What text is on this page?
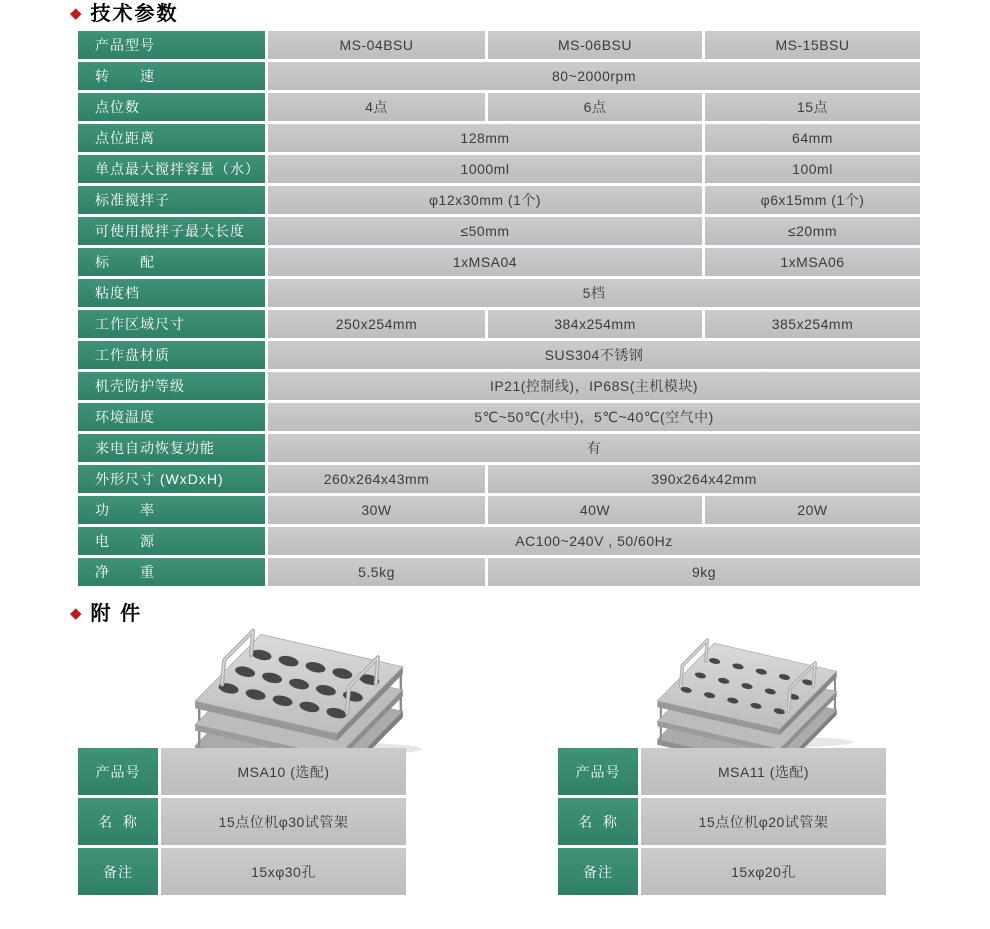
◆ 技术参数
产品型号	MS-04BSU	MS-06BSU	MS-15BSU
转　　速	80~2000rpm
点位数	4点	6点	15点
点位距离	128mm	64mm
单点最大搅拌容量（水）	1000ml	100ml
标准搅拌子	φ12x30mm (1个)	φ6x15mm (1个)
可使用搅拌子最大长度	≤50mm	≤20mm
标　　配	1xMSA04	1xMSA06
粘度档	5档
工作区域尺寸	250x254mm	384x254mm	385x254mm
工作盘材质	SUS304不锈钢
机壳防护等级	IP21(控制线)，IP68S(主机模块)
环境温度	5℃~50℃(水中)，5℃~40℃(空气中)
来电自动恢复功能	有
外形尺寸 (WxDxH)	260x264x43mm	390x264x42mm
功　　率	30W	40W	20W
电　　源	AC100~240V , 50/60Hz
净　　重	5.5kg	9kg
◆ 附 件
产品号	MSA10 (选配)
名  称	15点位机φ30试管架
备注	15xφ30孔
产品号	MSA11 (选配)
名  称	15点位机φ20试管架
备注	15xφ20孔
